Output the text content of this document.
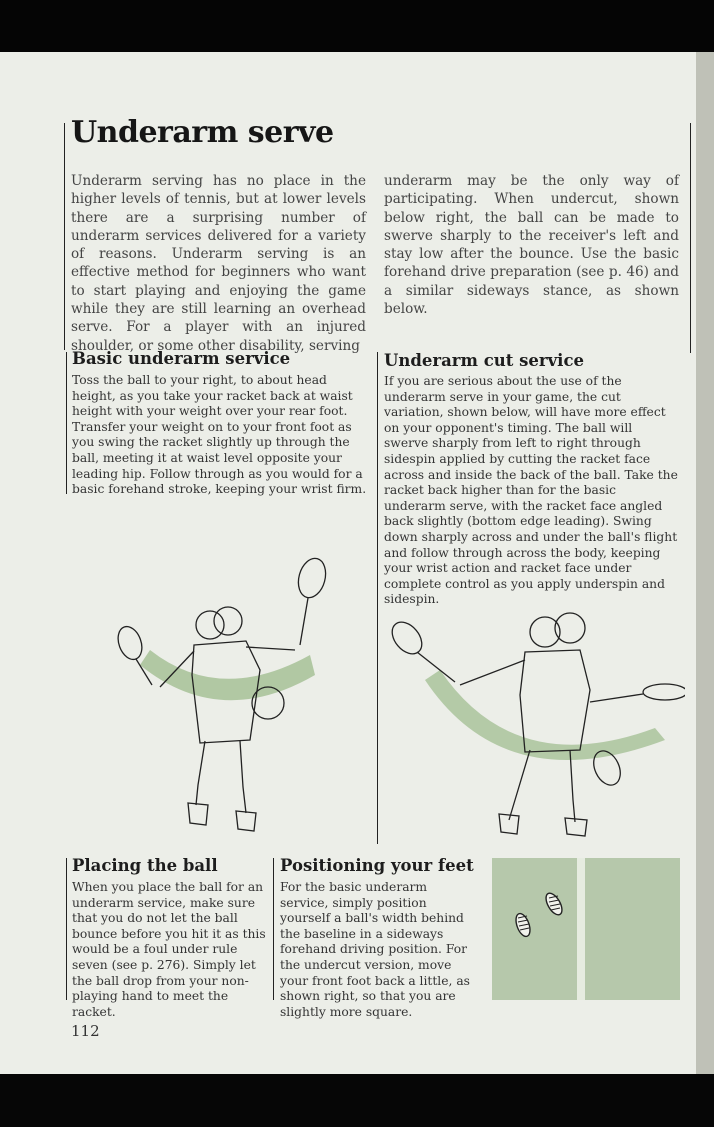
Underarm serve

Underarm serving has no place in the higher levels of tennis, but at lower levels there are a surprising number of underarm services delivered for a variety of reasons. Underarm serving is an effective method for beginners who want to start playing and enjoying the game while they are still learning an overhead serve. For a player with an injured shoulder, or some other disability, serving

underarm may be the only way of participating. When undercut, shown below right, the ball can be made to swerve sharply to the receiver's left and stay low after the bounce. Use the basic forehand drive preparation (see p. 46) and a similar sideways stance, as shown below.

Basic underarm service

Toss the ball to your right, to about head height, as you take your racket back at waist height with your weight over your rear foot. Transfer your weight on to your front foot as you swing the racket slightly up through the ball, meeting it at waist level opposite your leading hip. Follow through as you would for a basic forehand stroke, keeping your wrist firm.

Underarm cut service

If you are serious about the use of the underarm serve in your game, the cut variation, shown below, will have more effect on your opponent's timing. The ball will swerve sharply from left to right through sidespin applied by cutting the racket face across and inside the back of the ball. Take the racket back higher than for the basic underarm serve, with the racket face angled back slightly (bottom edge leading). Swing down sharply across and under the ball's flight and follow through across the body, keeping your wrist action and racket face under complete control as you apply underspin and sidespin.

Placing the ball

When you place the ball for an underarm service, make sure that you do not let the ball bounce before you hit it as this would be a foul under rule seven (see p. 276). Simply let the ball drop from your non-playing hand to meet the racket.

Positioning your feet

For the basic underarm service, simply position yourself a ball's width behind the baseline in a sideways forehand driving position. For the undercut version, move your front foot back a little, as shown right, so that you are slightly more square.

112
